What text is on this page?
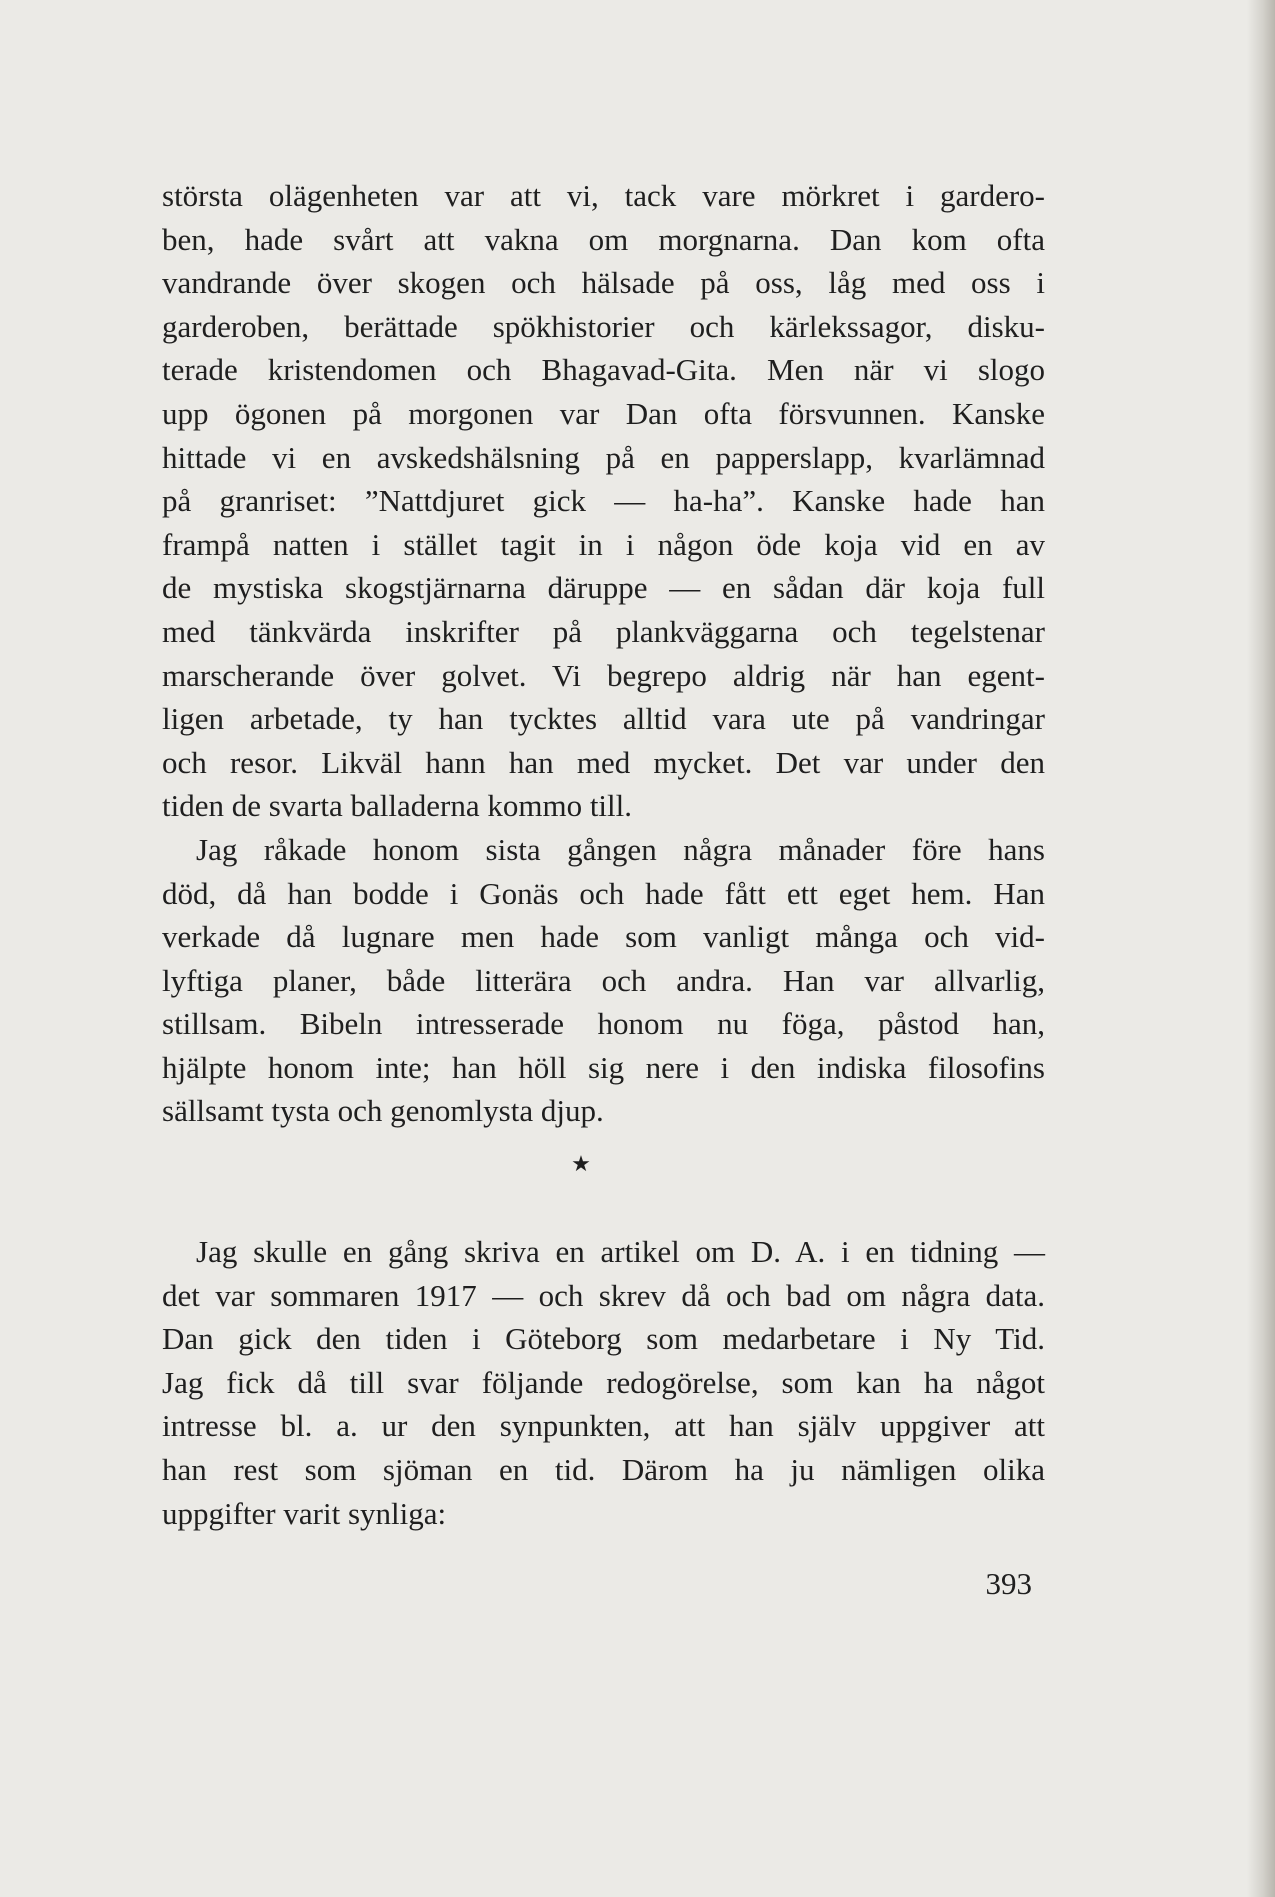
största olägenheten var att vi, tack vare mörkret i gardero-
ben, hade svårt att vakna om morgnarna. Dan kom ofta
vandrande över skogen och hälsade på oss, låg med oss i
garderoben, berättade spökhistorier och kärlekssagor, disku-
terade kristendomen och Bhagavad-Gita. Men när vi slogo
upp ögonen på morgonen var Dan ofta försvunnen. Kanske
hittade vi en avskedshälsning på en papperslapp, kvarlämnad
på granriset: ”Nattdjuret gick — ha-ha”. Kanske hade han
frampå natten i stället tagit in i någon öde koja vid en av
de mystiska skogstjärnarna däruppe — en sådan där koja full
med tänkvärda inskrifter på plankväggarna och tegelstenar
marscherande över golvet. Vi begrepo aldrig när han egent-
ligen arbetade, ty han tycktes alltid vara ute på vandringar
och resor. Likväl hann han med mycket. Det var under den
tiden de svarta balladerna kommo till.
Jag råkade honom sista gången några månader före hans
död, då han bodde i Gonäs och hade fått ett eget hem. Han
verkade då lugnare men hade som vanligt många och vid-
lyftiga planer, både litterära och andra. Han var allvarlig,
stillsam. Bibeln intresserade honom nu föga, påstod han,
hjälpte honom inte; han höll sig nere i den indiska filosofins
sällsamt tysta och genomlysta djup.
★
Jag skulle en gång skriva en artikel om D. A. i en tidning —
det var sommaren 1917 — och skrev då och bad om några data.
Dan gick den tiden i Göteborg som medarbetare i Ny Tid.
Jag fick då till svar följande redogörelse, som kan ha något
intresse bl. a. ur den synpunkten, att han själv uppgiver att
han rest som sjöman en tid. Därom ha ju nämligen olika
uppgifter varit synliga:
393
